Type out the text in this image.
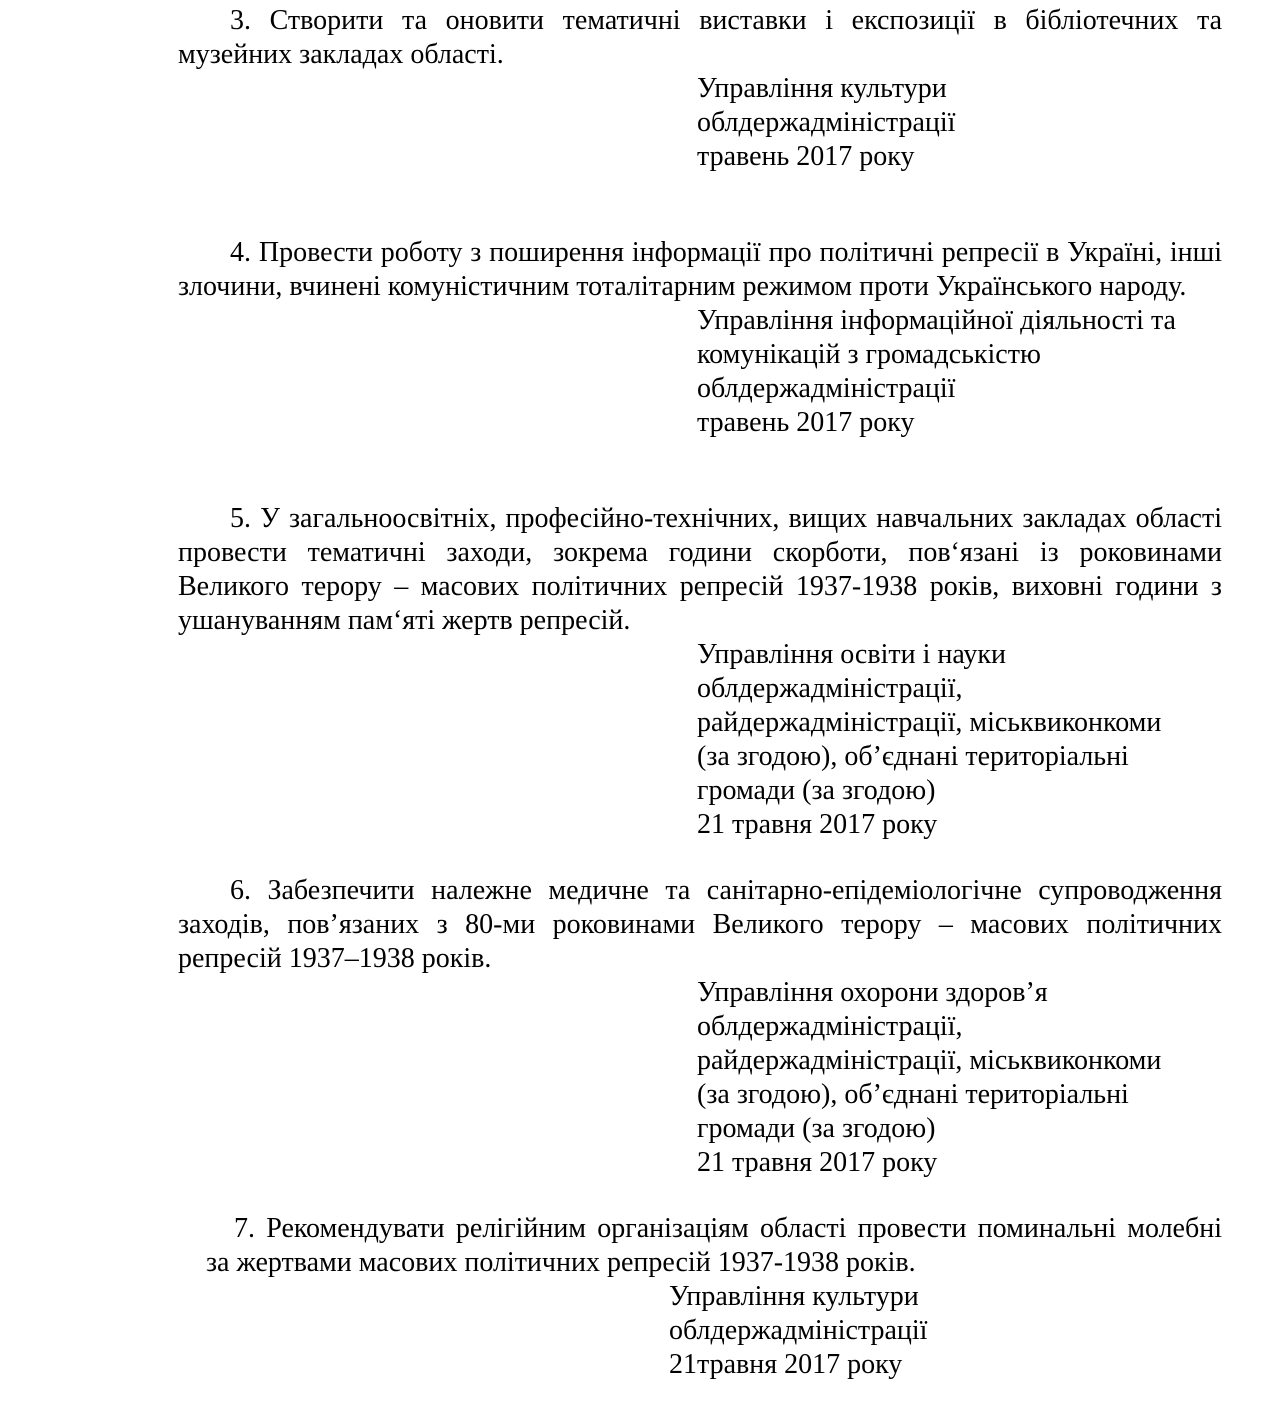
3. Створити та оновити тематичні виставки і експозиції в бібліотечних та музейних закладах області.

Управління культури
облдержадміністрації
травень 2017 року

4. Провести роботу з поширення інформації про політичні репресії в Україні, інші злочини, вчинені комуністичним тоталітарним режимом проти Українського народу.

Управління інформаційної діяльності та
комунікацій з громадськістю
облдержадміністрації
травень 2017 року

5. У загальноосвітніх, професійно-технічних, вищих навчальних закладах області провести тематичні заходи, зокрема години скорботи, пов‘язані із роковинами Великого терору – масових політичних репресій 1937-1938 років, виховні години з ушануванням пам‘яті жертв репресій.

Управління освіти і науки
облдержадміністрації,
райдержадміністрації, міськвиконкоми
(за згодою), об’єднані територіальні
громади (за згодою)
21 травня 2017 року

6. Забезпечити належне медичне та санітарно-епідеміологічне супроводження заходів, пов’язаних з 80-ми роковинами Великого терору – масових політичних репресій 1937–1938 років.

Управління охорони здоров’я
облдержадміністрації,
райдержадміністрації, міськвиконкоми
(за згодою), об’єднані територіальні
громади (за згодою)
21 травня 2017 року

7. Рекомендувати релігійним організаціям області провести поминальні молебні за жертвами масових політичних репресій 1937-1938 років.

Управління культури
облдержадміністрації
21травня 2017 року
